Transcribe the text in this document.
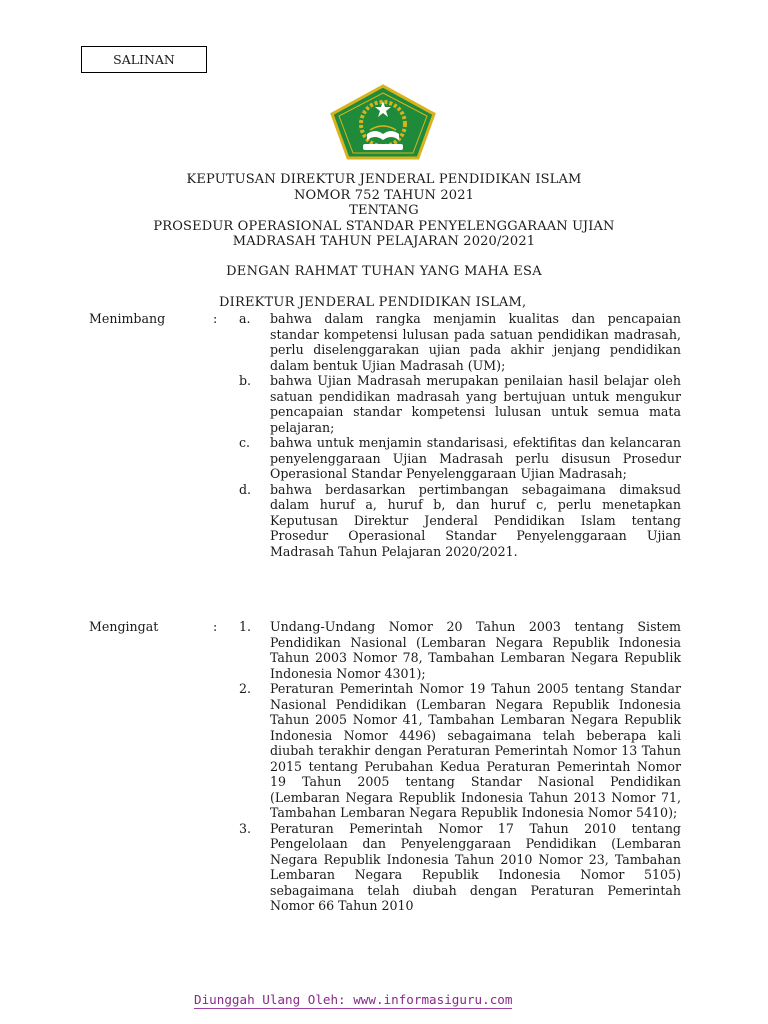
SALINAN
KEPUTUSAN DIREKTUR JENDERAL PENDIDIKAN ISLAM
NOMOR 752 TAHUN 2021
TENTANG
PROSEDUR OPERASIONAL STANDAR PENYELENGGARAAN UJIAN
MADRASAH TAHUN PELAJARAN 2020/2021
DENGAN RAHMAT TUHAN YANG MAHA ESA
DIREKTUR JENDERAL PENDIDIKAN ISLAM,
Menimbang	: a. bahwa dalam rangka menjamin kualitas dan pencapaian standar kompetensi lulusan pada satuan pendidikan madrasah, perlu diselenggarakan ujian pada akhir jenjang pendidikan dalam bentuk Ujian Madrasah (UM);
b. bahwa Ujian Madrasah merupakan penilaian hasil belajar oleh satuan pendidikan madrasah yang bertujuan untuk mengukur pencapaian standar kompetensi lulusan untuk semua mata pelajaran;
c. bahwa untuk menjamin standarisasi, efektifitas dan kelancaran penyelenggaraan Ujian Madrasah perlu disusun Prosedur Operasional Standar Penyelenggaraan Ujian Madrasah;
d. bahwa berdasarkan pertimbangan sebagaimana dimaksud dalam huruf a, huruf b, dan huruf c, perlu menetapkan Keputusan Direktur Jenderal Pendidikan Islam tentang Prosedur Operasional Standar Penyelenggaraan Ujian Madrasah Tahun Pelajaran 2020/2021.
Mengingat	: 1. Undang-Undang Nomor 20 Tahun 2003 tentang Sistem Pendidikan Nasional (Lembaran Negara Republik Indonesia Tahun 2003 Nomor 78, Tambahan Lembaran Negara Republik Indonesia Nomor 4301);
2. Peraturan Pemerintah Nomor 19 Tahun 2005 tentang Standar Nasional Pendidikan (Lembaran Negara Republik Indonesia Tahun 2005 Nomor 41, Tambahan Lembaran Negara Republik Indonesia Nomor 4496) sebagaimana telah beberapa kali diubah terakhir dengan Peraturan Pemerintah Nomor 13 Tahun 2015 tentang Perubahan Kedua Peraturan Pemerintah Nomor 19 Tahun 2005 tentang Standar Nasional Pendidikan (Lembaran Negara Republik Indonesia Tahun 2013 Nomor 71, Tambahan Lembaran Negara Republik Indonesia Nomor 5410);
3. Peraturan Pemerintah Nomor 17 Tahun 2010 tentang Pengelolaan dan Penyelenggaraan Pendidikan (Lembaran Negara Republik Indonesia Tahun 2010 Nomor 23, Tambahan Lembaran Negara Republik Indonesia Nomor 5105) sebagaimana telah diubah dengan Peraturan Pemerintah Nomor 66 Tahun 2010
Diunggah Ulang Oleh: www.informasiguru.com
